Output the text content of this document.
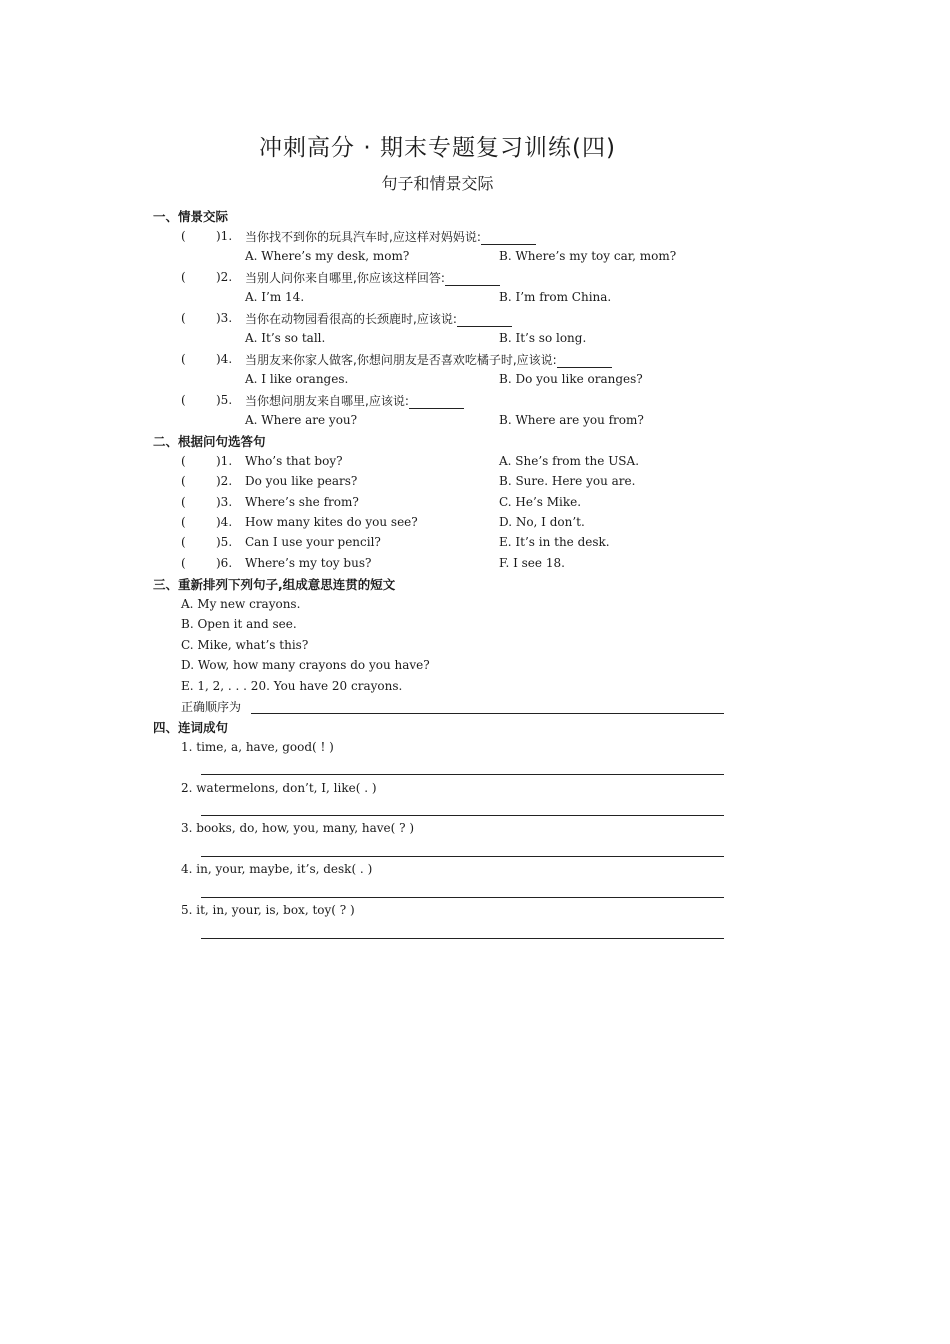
冲刺高分 · 期末专题复习训练(四)
句子和情景交际
一、情景交际
(	)1. 当你找不到你的玩具汽车时,应这样对妈妈说:
A. Where’s my desk, mom?	B. Where’s my toy car, mom?
(	)2. 当别人问你来自哪里,你应该这样回答:
A. I’m 14.	B. I’m from China.
(	)3. 当你在动物园看很高的长颈鹿时,应该说:
A. It’s so tall.	B. It’s so long.
(	)4. 当朋友来你家人做客,你想问朋友是否喜欢吃橘子时,应该说:
A. I like oranges.	B. Do you like oranges?
(	)5. 当你想问朋友来自哪里,应该说:
A. Where are you?	B. Where are you from?
二、根据问句选答句
(	)1. Who’s that boy?	A. She’s from the USA.
(	)2. Do you like pears?	B. Sure. Here you are.
(	)3. Where’s she from?	C. He’s Mike.
(	)4. How many kites do you see?	D. No, I don’t.
(	)5. Can I use your pencil?	E. It’s in the desk.
(	)6. Where’s my toy bus?	F. I see 18.
三、重新排列下列句子,组成意思连贯的短文
A. My new crayons.
B. Open it and see.
C. Mike, what’s this?
D. Wow, how many crayons do you have?
E. 1, 2, . . . 20. You have 20 crayons.
正确顺序为
四、连词成句
1. time, a, have, good( ! )
2. watermelons, don’t, I, like( . )
3. books, do, how, you, many, have( ? )
4. in, your, maybe, it’s, desk( . )
5. it, in, your, is, box, toy( ? )
